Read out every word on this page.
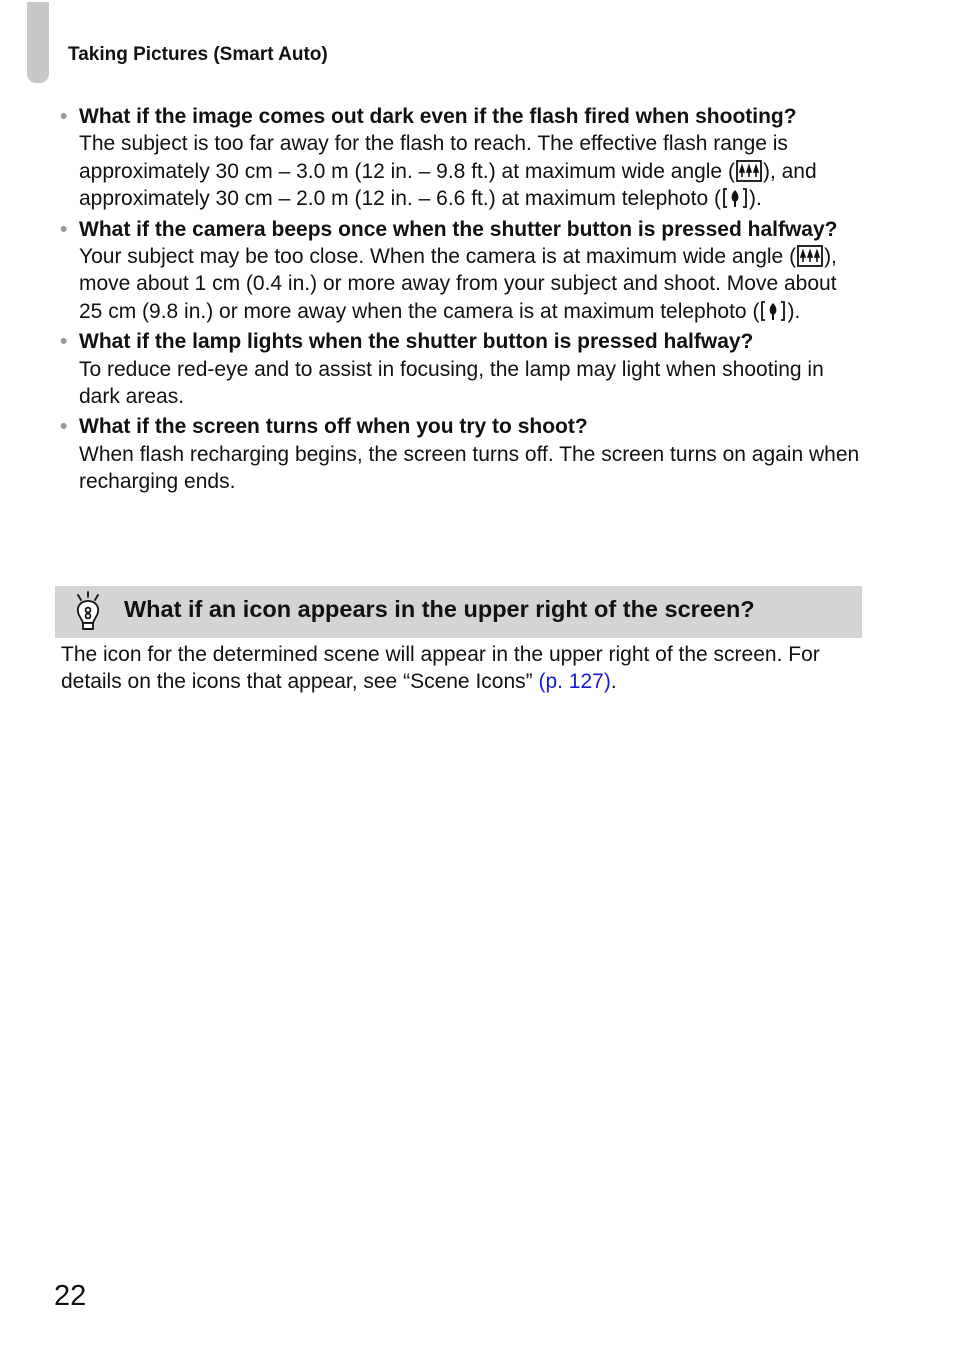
Taking Pictures (Smart Auto)
• What if the image comes out dark even if the flash fired when shooting?
The subject is too far away for the flash to reach. The effective flash range is approximately 30 cm – 3.0 m (12 in. – 9.8 ft.) at maximum wide angle ( ), and approximately 30 cm – 2.0 m (12 in. – 6.6 ft.) at maximum telephoto ( ).
• What if the camera beeps once when the shutter button is pressed halfway?
Your subject may be too close. When the camera is at maximum wide angle ( ), move about 1 cm (0.4 in.) or more away from your subject and shoot. Move about 25 cm (9.8 in.) or more away when the camera is at maximum telephoto ( ).
• What if the lamp lights when the shutter button is pressed halfway?
To reduce red-eye and to assist in focusing, the lamp may light when shooting in dark areas.
• What if the screen turns off when you try to shoot?
When flash recharging begins, the screen turns off. The screen turns on again when recharging ends.
What if an icon appears in the upper right of the screen?
The icon for the determined scene will appear in the upper right of the screen. For details on the icons that appear, see “Scene Icons” (p. 127).
22
